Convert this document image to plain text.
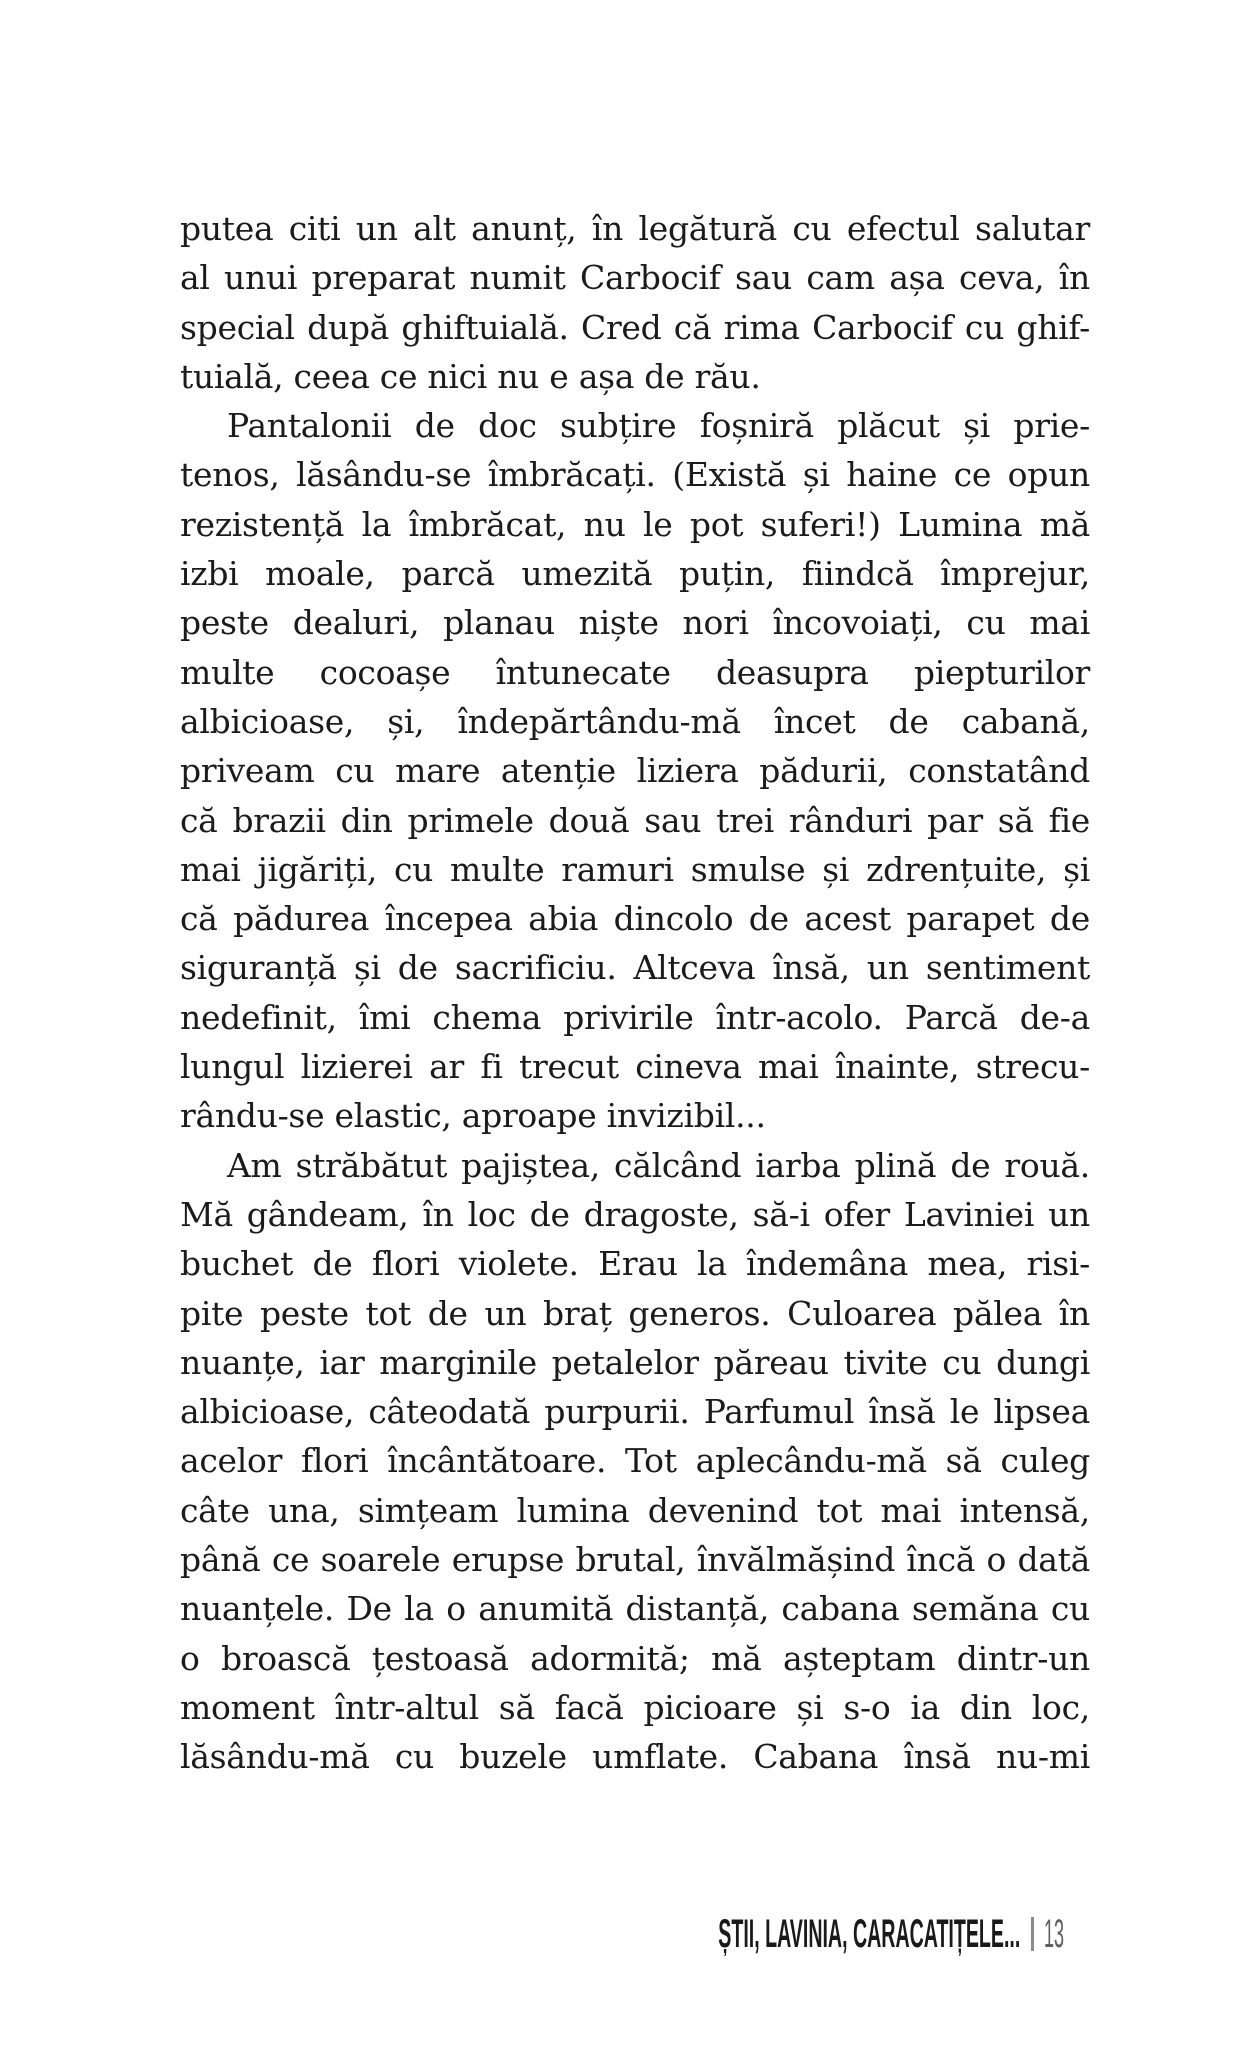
putea citi un alt anunț, în legătură cu efectul salutar
al unui preparat numit Carbocif sau cam așa ceva, în
special după ghiftuială. Cred că rima Carbocif cu ghif-
tuială, ceea ce nici nu e așa de rău.
Pantalonii de doc subțire foșniră plăcut și prie-
tenos, lăsându-se îmbrăcați. (Există și haine ce opun
rezistență la îmbrăcat, nu le pot suferi!) Lumina mă
izbi moale, parcă umezită puțin, fiindcă împrejur,
peste dealuri, planau niște nori încovoiați, cu mai
multe cocoașe întunecate deasupra piepturilor
albicioase, și, îndepărtându-mă încet de cabană,
priveam cu mare atenție liziera pădurii, constatând
că brazii din primele două sau trei rânduri par să fie
mai jigăriți, cu multe ramuri smulse și zdrențuite, și
că pădurea începea abia dincolo de acest parapet de
siguranță și de sacrificiu. Altceva însă, un sentiment
nedefinit, îmi chema privirile într-acolo. Parcă de-a
lungul lizierei ar fi trecut cineva mai înainte, strecu-
rându-se elastic, aproape invizibil...
Am străbătut pajiștea, călcând iarba plină de rouă.
Mă gândeam, în loc de dragoste, să-i ofer Laviniei un
buchet de flori violete. Erau la îndemâna mea, risi-
pite peste tot de un braț generos. Culoarea pălea în
nuanțe, iar marginile petalelor păreau tivite cu dungi
albicioase, câteodată purpurii. Parfumul însă le lipsea
acelor flori încântătoare. Tot aplecându-mă să culeg
câte una, simțeam lumina devenind tot mai intensă,
până ce soarele erupse brutal, învălmășind încă o dată
nuanțele. De la o anumită distanță, cabana semăna cu
o broască țestoasă adormită; mă așteptam dintr-un
moment într-altul să facă picioare și s-o ia din loc,
lăsându-mă cu buzele umflate. Cabana însă nu-mi
ȘTII, LAVINIA, CARACATIȚELE... 13
